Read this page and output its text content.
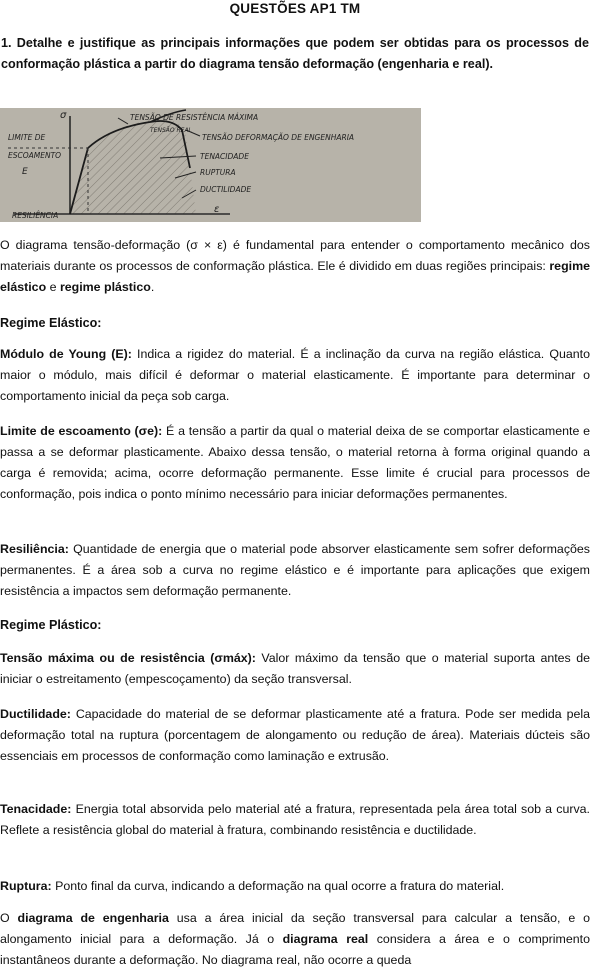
QUESTÕES AP1 TM
1. Detalhe e justifique as principais informações que podem ser obtidas para os processos de conformação plástica a partir do diagrama tensão deformação (engenharia e real).
σ
LIMITE DE
ESCOAMENTO
E
RESILIÊNCIA
TENSÃO DE RESISTÊNCIA MÁXIMA
TENSÃO REAL
TENSÃO DEFORMAÇÃO DE ENGENHARIA
TENACIDADE
RUPTURA
DUCTILIDADE
ε
O diagrama tensão-deformação (σ × ε) é fundamental para entender o comportamento mecânico dos materiais durante os processos de conformação plástica. Ele é dividido em duas regiões principais: regime elástico e regime plástico.
Regime Elástico:
Módulo de Young (E): Indica a rigidez do material. É a inclinação da curva na região elástica. Quanto maior o módulo, mais difícil é deformar o material elasticamente. É importante para determinar o comportamento inicial da peça sob carga.
Limite de escoamento (σe): É a tensão a partir da qual o material deixa de se comportar elasticamente e passa a se deformar plasticamente. Abaixo dessa tensão, o material retorna à forma original quando a carga é removida; acima, ocorre deformação permanente. Esse limite é crucial para processos de conformação, pois indica o ponto mínimo necessário para iniciar deformações permanentes.
Resiliência: Quantidade de energia que o material pode absorver elasticamente sem sofrer deformações permanentes. É a área sob a curva no regime elástico e é importante para aplicações que exigem resistência a impactos sem deformação permanente.
Regime Plástico:
Tensão máxima ou de resistência (σmáx): Valor máximo da tensão que o material suporta antes de iniciar o estreitamento (empescoçamento) da seção transversal.
Ductilidade: Capacidade do material de se deformar plasticamente até a fratura. Pode ser medida pela deformação total na ruptura (porcentagem de alongamento ou redução de área). Materiais dúcteis são essenciais em processos de conformação como laminação e extrusão.
Tenacidade: Energia total absorvida pelo material até a fratura, representada pela área total sob a curva. Reflete a resistência global do material à fratura, combinando resistência e ductilidade.
Ruptura: Ponto final da curva, indicando a deformação na qual ocorre a fratura do material.
O diagrama de engenharia usa a área inicial da seção transversal para calcular a tensão, e o alongamento inicial para a deformação. Já o diagrama real considera a área e o comprimento instantâneos durante a deformação. No diagrama real, não ocorre a queda
